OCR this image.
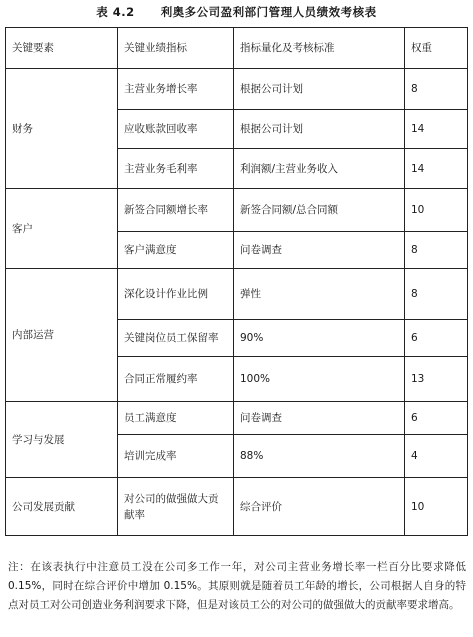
表 4.2 利奥多公司盈利部门管理人员绩效考核表
关键要素	关键业绩指标	指标量化及考核标准	权重
财务	主营业务增长率	根据公司计划	8
	应收账款回收率	根据公司计划	14
	主营业务毛利率	利润额/主营业务收入	14
客户	新签合同额增长率	新签合同额/总合同额	10
	客户满意度	问卷调查	8
内部运营	深化设计作业比例	弹性	8
	关键岗位员工保留率	90%	6
	合同正常履约率	100%	13
学习与发展	员工满意度	问卷调查	6
	培训完成率	88%	4
公司发展贡献	对公司的做强做大贡献率	综合评价	10
注：在该表执行中注意员工没在公司多工作一年，对公司主营业务增长率一栏百分比要求降低 0.15%，同时在综合评价中增加 0.15%。其原则就是随着员工年龄的增长，公司根据人自身的特点对员工对公司创造业务利润要求下降，但是对该员工公的对公司的做强做大的贡献率要求增高。
